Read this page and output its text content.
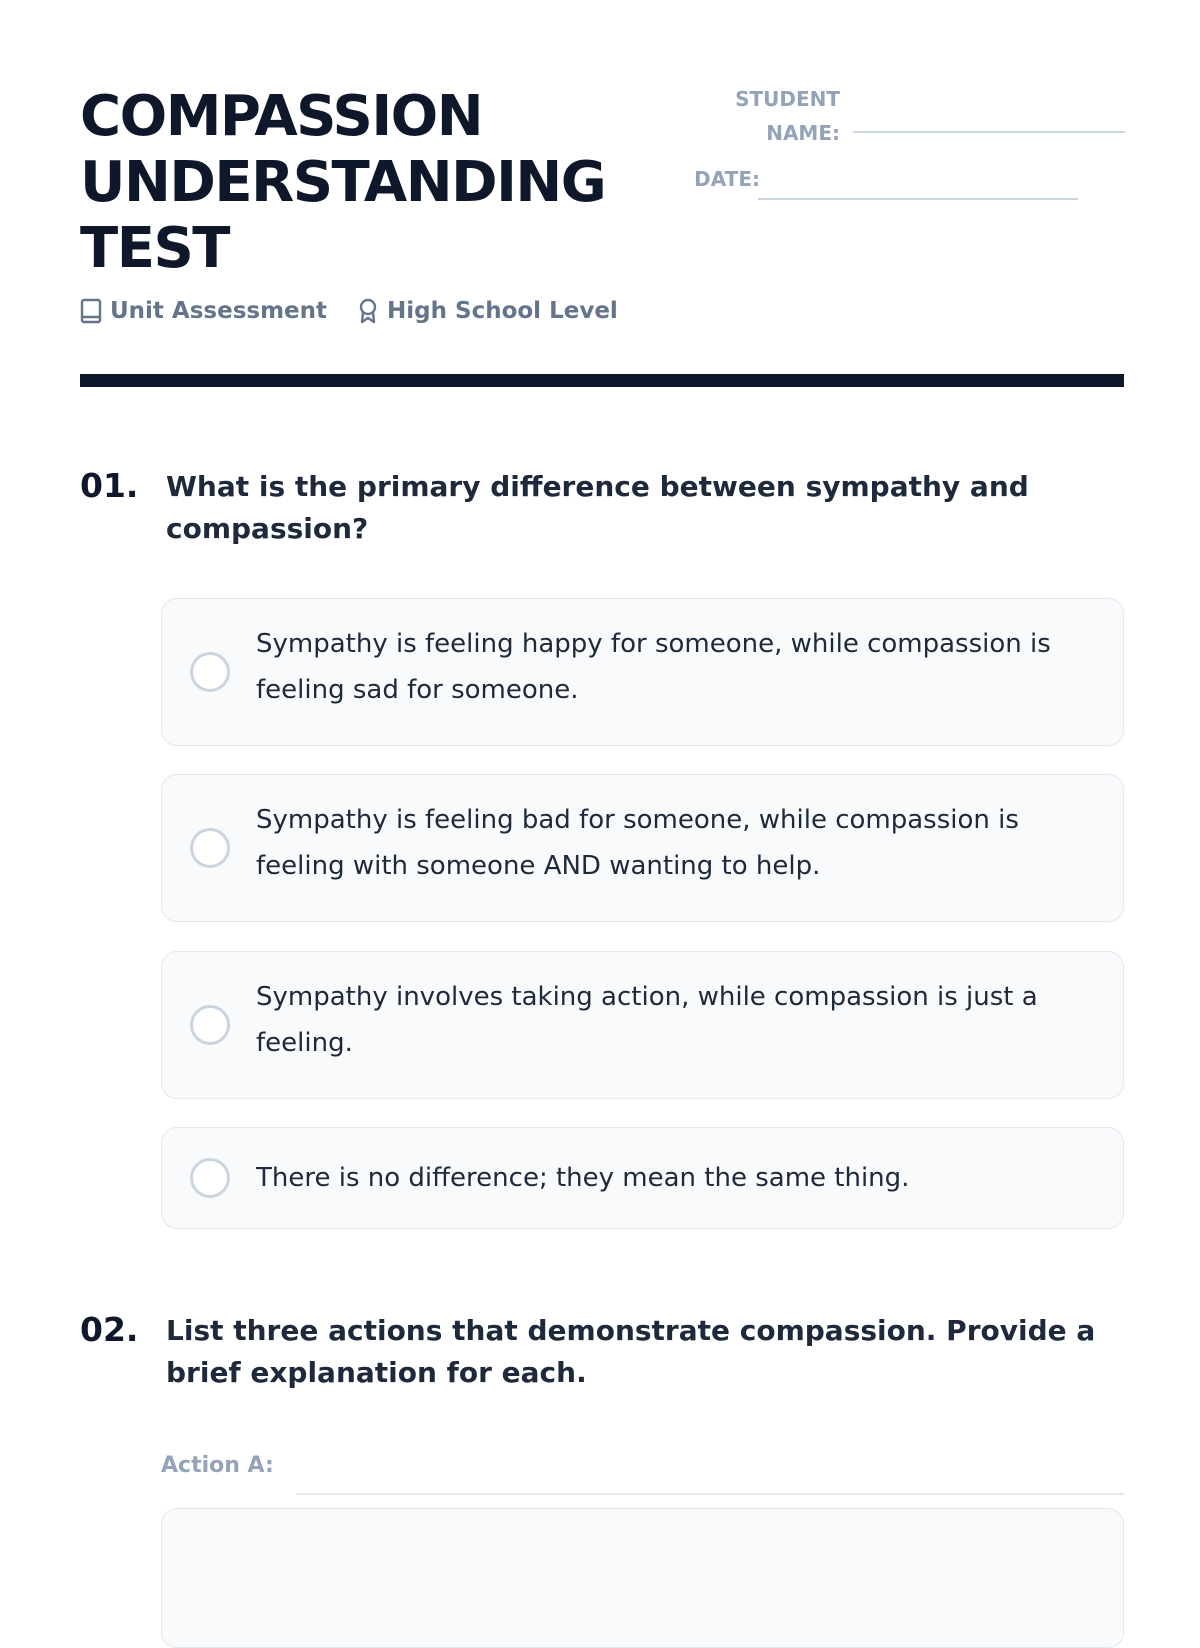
COMPASSION UNDERSTANDING TEST
Unit Assessment	High School Level
STUDENT NAME:
DATE:
01. What is the primary difference between sympathy and compassion?
Sympathy is feeling happy for someone, while compassion is feeling sad for someone.
Sympathy is feeling bad for someone, while compassion is feeling with someone AND wanting to help.
Sympathy involves taking action, while compassion is just a feeling.
There is no difference; they mean the same thing.
02. List three actions that demonstrate compassion. Provide a brief explanation for each.
Action A:
